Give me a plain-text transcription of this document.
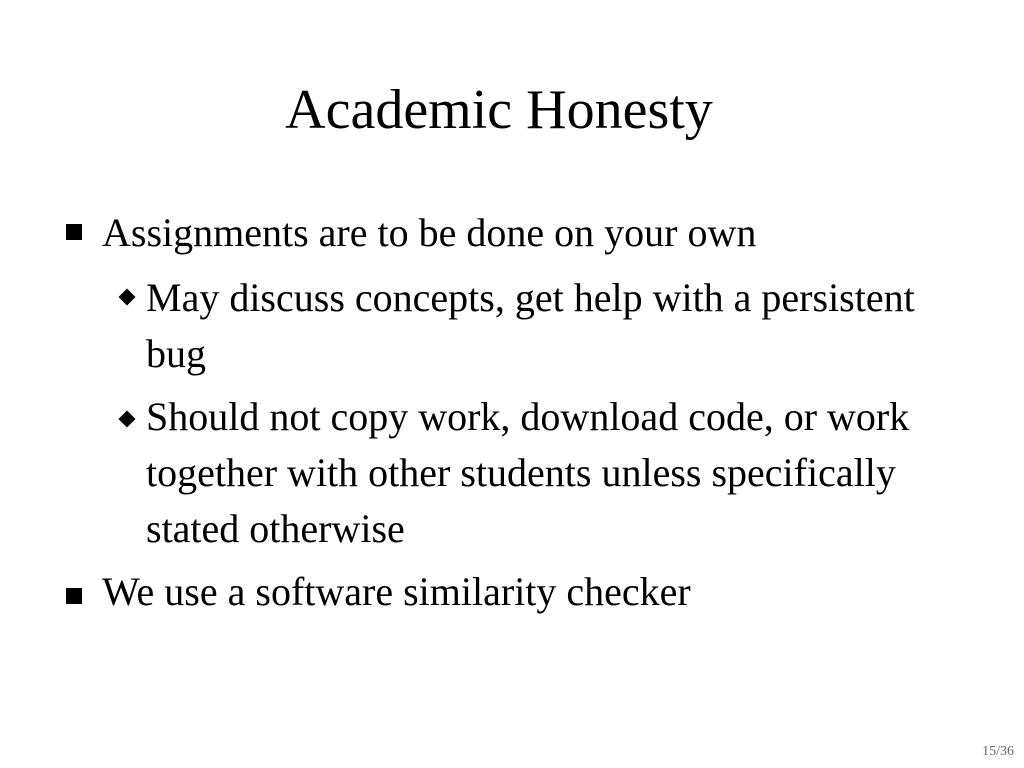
Academic Honesty
Assignments are to be done on your own
May discuss concepts, get help with a persistent bug
Should not copy work, download code, or work together with other students unless specifically stated otherwise
We use a software similarity checker
15/36
